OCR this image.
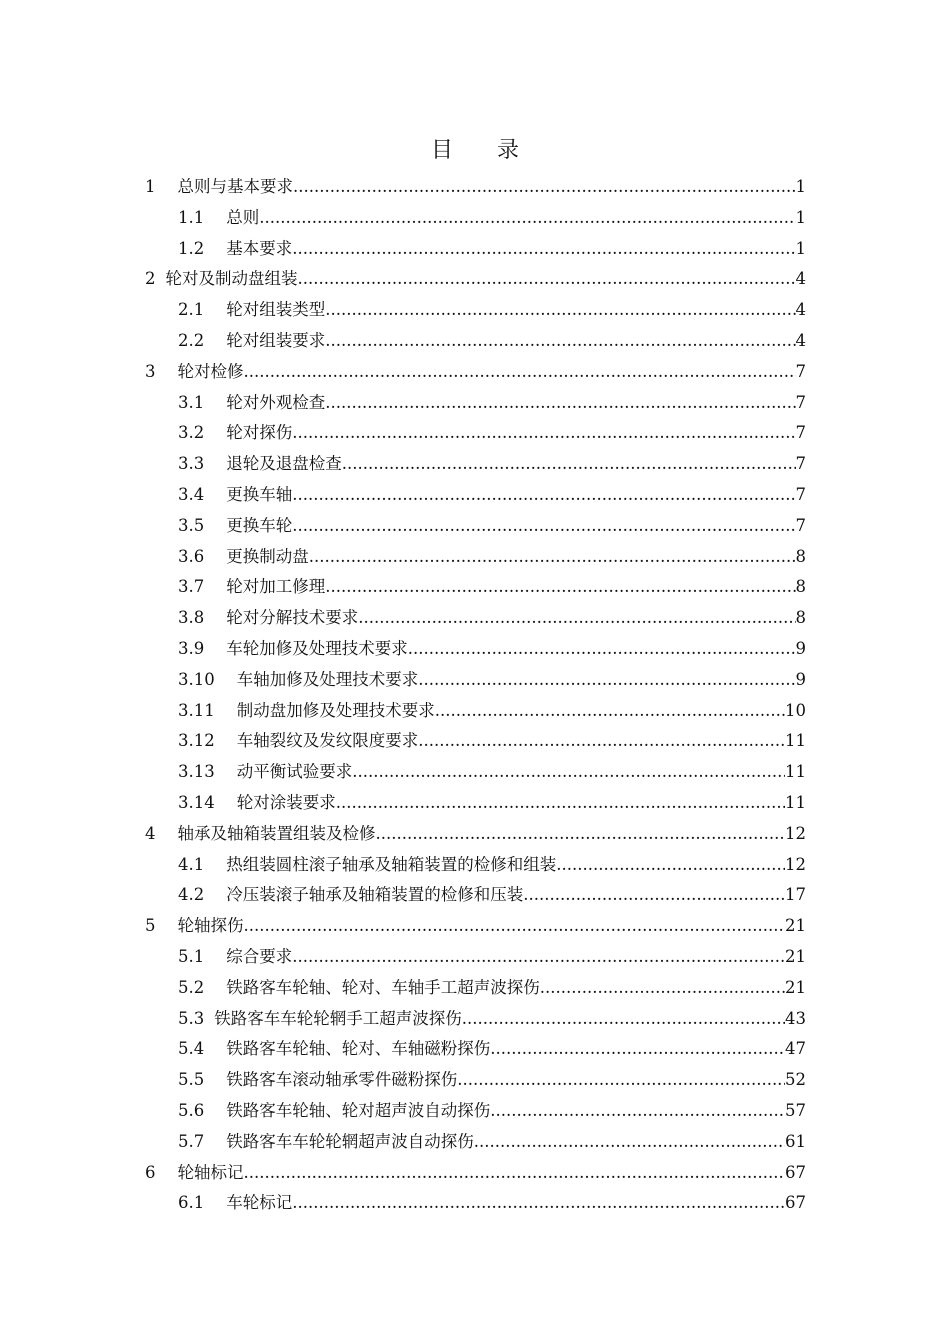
目 录
1 总则与基本要求 .....	1
1.1 总则 .....	1
1.2 基本要求 .....	1
2 轮对及制动盘组装 .....	4
2.1 轮对组装类型 .....	4
2.2 轮对组装要求 .....	4
3 轮对检修 .....	7
3.1 轮对外观检查 .....	7
3.2 轮对探伤 .....	7
3.3 退轮及退盘检查 .....	7
3.4 更换车轴 .....	7
3.5 更换车轮 .....	7
3.6 更换制动盘 .....	8
3.7 轮对加工修理 .....	8
3.8 轮对分解技术要求 .....	8
3.9 车轮加修及处理技术要求 .....	9
3.10 车轴加修及处理技术要求 .....	9
3.11 制动盘加修及处理技术要求 .....	10
3.12 车轴裂纹及发纹限度要求 .....	11
3.13 动平衡试验要求 .....	11
3.14 轮对涂装要求 .....	11
4 轴承及轴箱装置组装及检修 .....	12
4.1 热组装圆柱滚子轴承及轴箱装置的检修和组装 .....	12
4.2 冷压装滚子轴承及轴箱装置的检修和压装 .....	17
5 轮轴探伤 .....	21
5.1 综合要求 .....	21
5.2 铁路客车轮轴、轮对、车轴手工超声波探伤 .....	21
5.3 铁路客车车轮轮辋手工超声波探伤 .....	43
5.4 铁路客车轮轴、轮对、车轴磁粉探伤 .....	47
5.5 铁路客车滚动轴承零件磁粉探伤 .....	52
5.6 铁路客车轮轴、轮对超声波自动探伤 .....	57
5.7 铁路客车车轮轮辋超声波自动探伤 .....	61
6 轮轴标记 .....	67
6.1 车轮标记 .....	67
